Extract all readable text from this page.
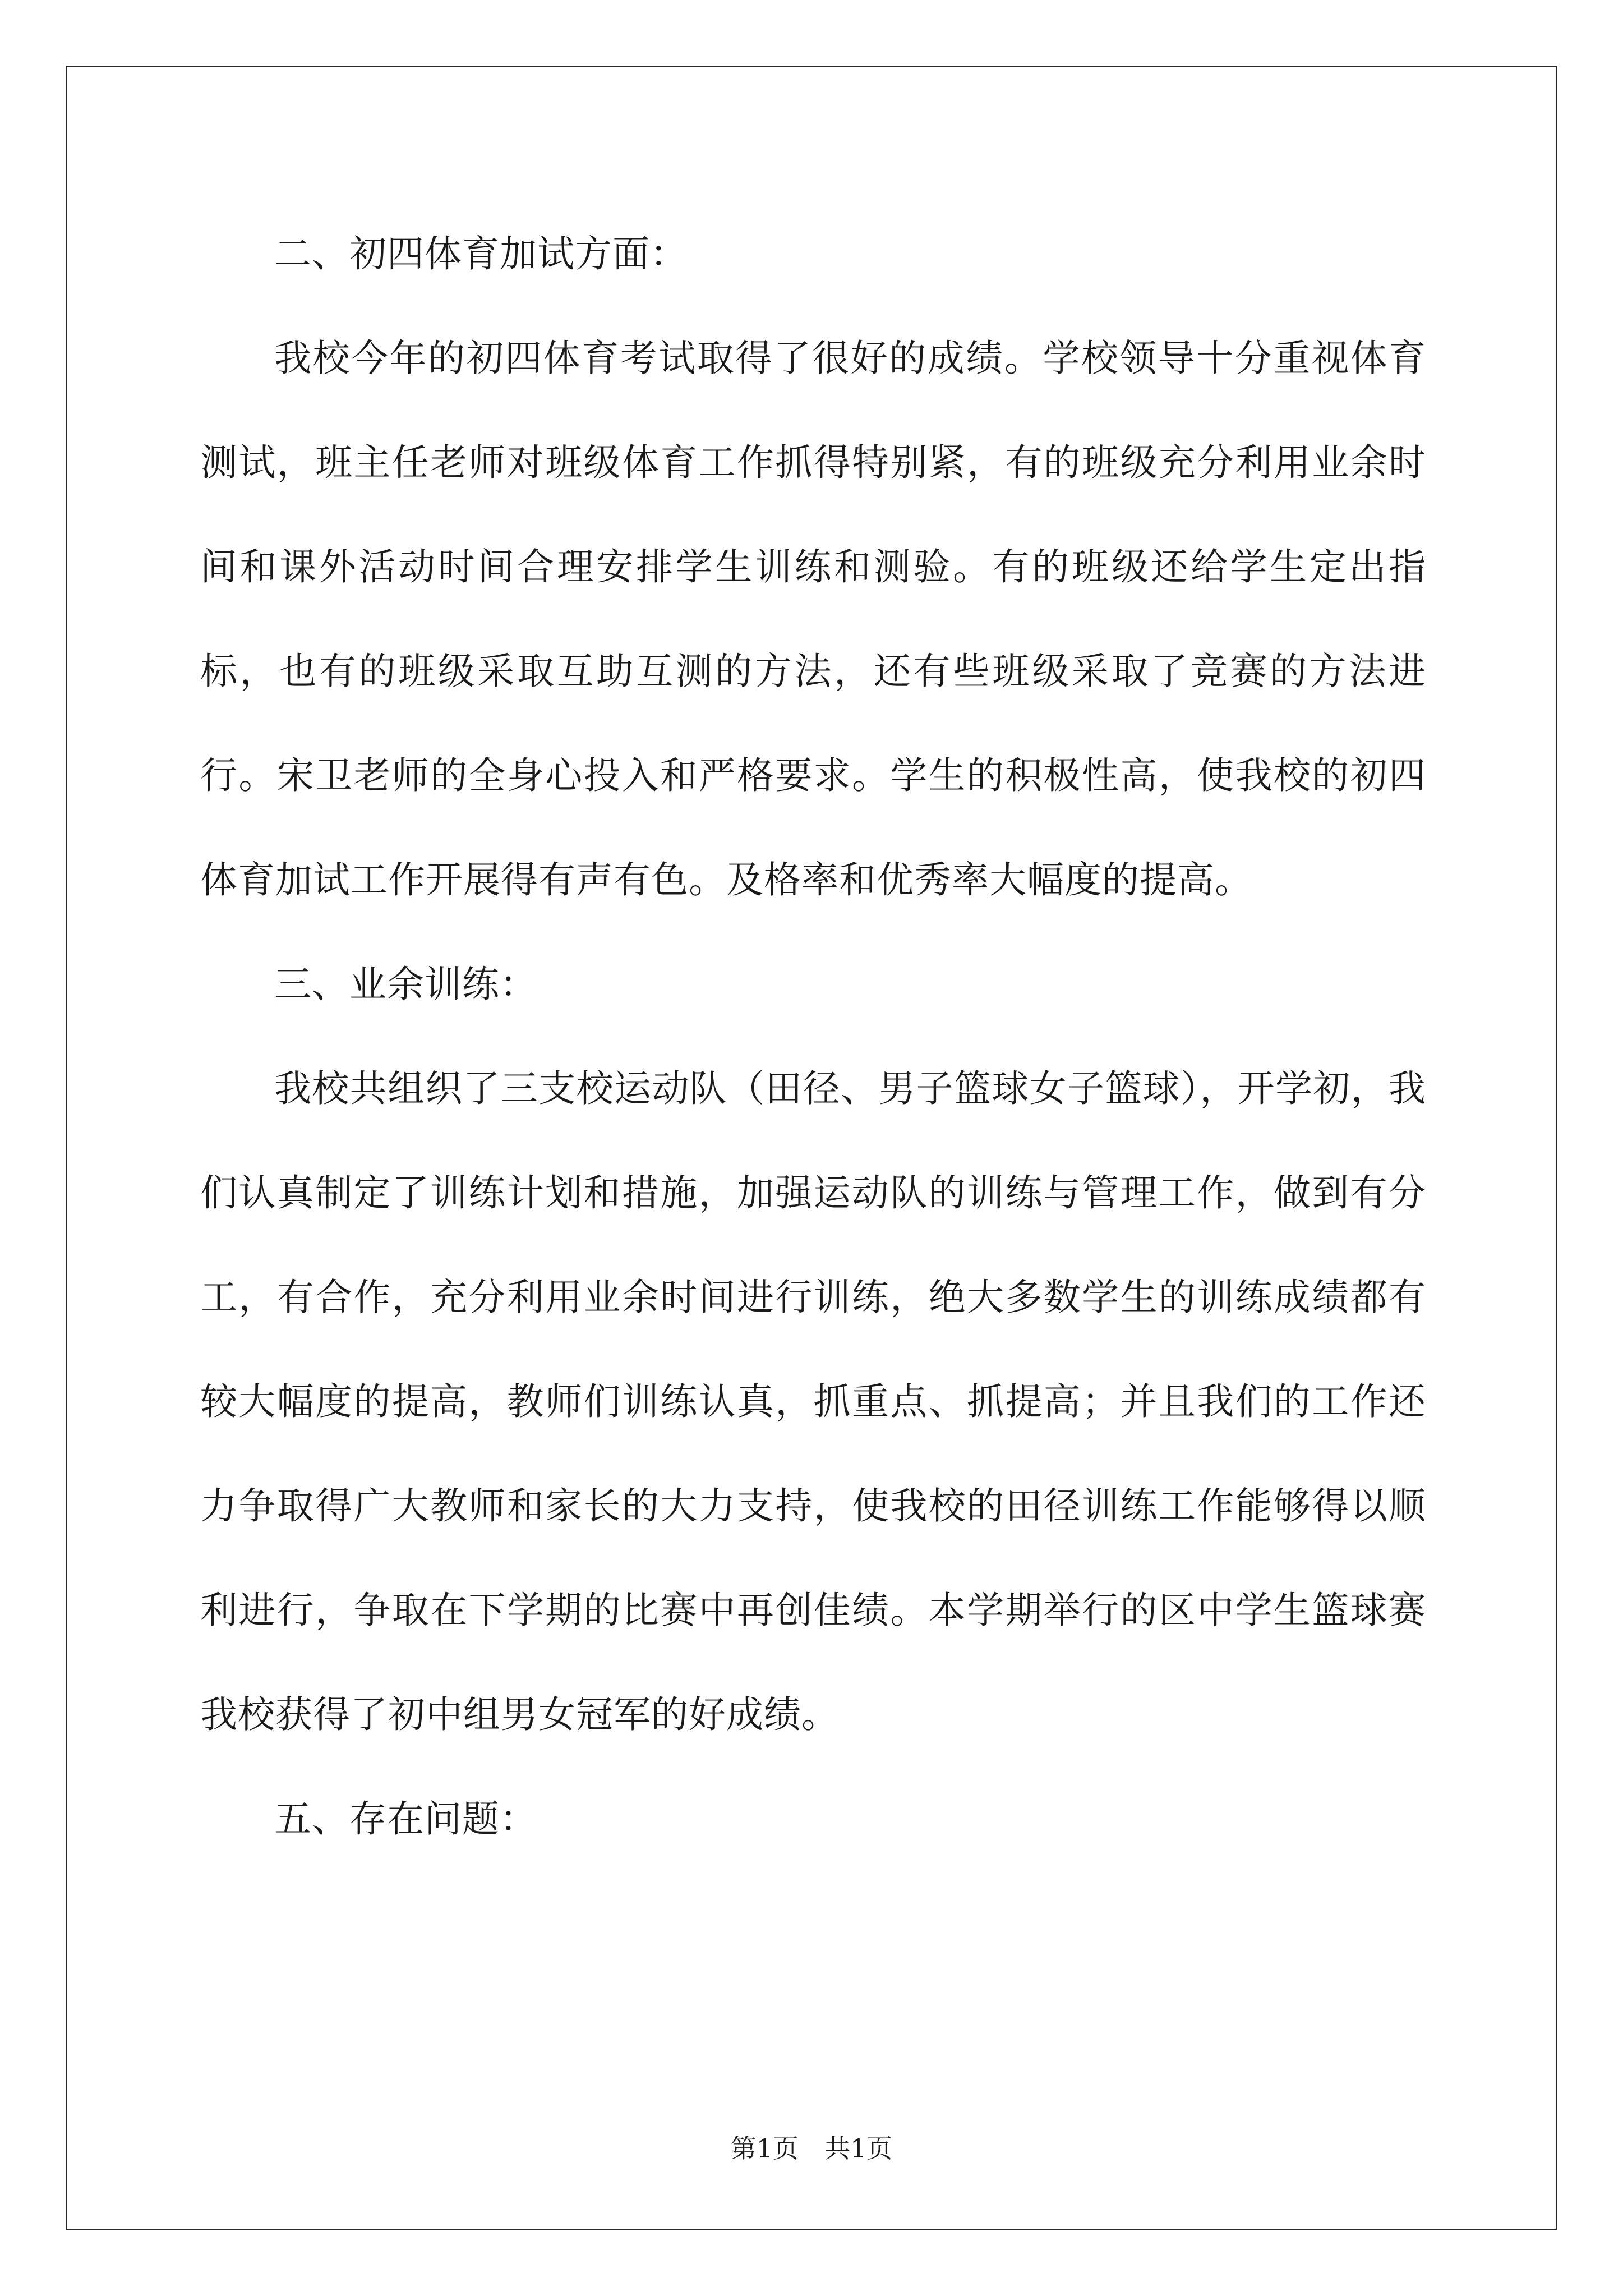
二、初四体育加试方面：

我校今年的初四体育考试取得了很好的成绩。学校领导十分重视体育测试，班主任老师对班级体育工作抓得特别紧，有的班级充分利用业余时间和课外活动时间合理安排学生训练和测验。有的班级还给学生定出指标，也有的班级采取互助互测的方法，还有些班级采取了竞赛的方法进行。宋卫老师的全身心投入和严格要求。学生的积极性高，使我校的初四体育加试工作开展得有声有色。及格率和优秀率大幅度的提高。

三、业余训练：

我校共组织了三支校运动队（田径、男子篮球女子篮球），开学初，我们认真制定了训练计划和措施，加强运动队的训练与管理工作，做到有分工，有合作，充分利用业余时间进行训练，绝大多数学生的训练成绩都有较大幅度的提高，教师们训练认真，抓重点、抓提高；并且我们的工作还力争取得广大教师和家长的大力支持，使我校的田径训练工作能够得以顺利进行，争取在下学期的比赛中再创佳绩。本学期举行的区中学生篮球赛我校获得了初中组男女冠军的好成绩。

五、存在问题：

第1页　共1页
